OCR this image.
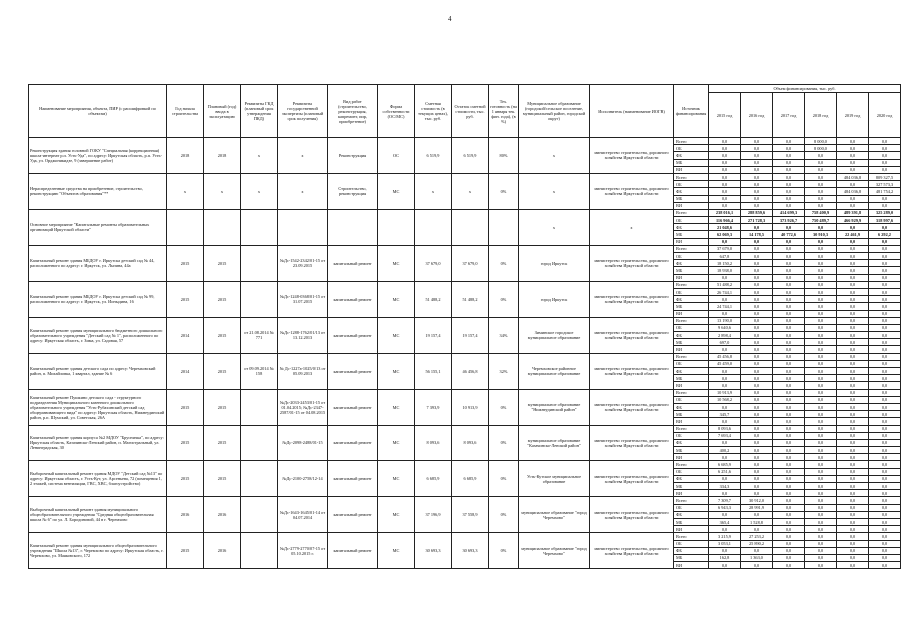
4
Наименование мероприятия, объекта, ПИР (с расшифровкой по объектам)	Год начала строительства	Плановый (год) ввода в эксплуатацию	Реквизиты ГКД (плановый срок утверждения ПКД)	Реквизиты государственной экспертизы (плановый срок получения)	Вид работ (строительство, реконструкция, капремонт, пир, приобретение)	Форма собственности (ОС/МС)	Сметная стоимость (в текущих ценах), тыс. руб.	Остаток сметной стоимости, тыс. руб.	Тех. готовность (на 1 января тек. фин. года), (в %)	Муниципальное образование (городской/сельское поселение, муниципальный район, городской округ)	Исполнитель (наименование ИОГВ)	Источник финансирования	Объем финансирования, тыс. руб.					
													2015 год	2016 год	2017 год	2018 год	2019 год	2020 год
Реконструкция здания головной ГОКУ "Специальная (коррекционная) школа-интернат р.п. Усть-Уда", по адресу: Иркутская область, р.п. Усть-Уда, ул. Орджоникидзе, 9 (завершение работ)	2018	2018	x	x	Реконструкция	ОС	6 519,9	6 519,9	80%	x	министерство строительства, дорожного хозяйства Иркутской области	Всего	0,0	0,0	0,0	8 000,0	0,0	0,0
												ОБ	0,0	0,0	0,0	8 000,0	0,0	0,0
												ФБ	0,0	0,0	0,0	0,0	0,0	0,0
												МБ	0,0	0,0	0,0	0,0	0,0	0,0
												ВИ	0,0	0,0	0,0	0,0	0,0	0,0
Нераспределенные средства на приобретение, строительство, реконструкцию "Объектов образования"**	x	x	x	x	Строительство, реконструкция	МС	x	x	0%	x	министерство строительства, дорожного хозяйства Иркутской области	Всего	0,0	0,0	0,0	0,0	484 036,8	809 327,5
												ОБ	0,0	0,0	0,0	0,0	0,0	327 573,3
												ФБ	0,0	0,0	0,0	0,0	484 036,8	481 754,2
												МБ	0,0	0,0	0,0	0,0	0,0	0,0
												ВИ	0,0	0,0	0,0	0,0	0,0	0,0
Основное мероприятие "Капитальные ремонты образовательных организаций Иркутской области"										x	x	Всего	238 016,1	288 859,6	414 699,3	758 400,9	489 391,8	325 289,0
												ОБ	116 966,4	271 728,3	373 926,7	750 489,7	466 929,9	318 997,6
												ФБ	21 048,6	0,0	0,0	0,0	0,0	0,0
												МБ	62 069,3	14 178,5	40 772,6	30 910,3	22 461,9	6 292,2
												ВИ	0,0	0,0	0,0	0,0	0,0	0,0
Капитальный ремонт здания МБДОУ г. Иркутска детский сад № 44, расположенного по адресу: г. Иркутск, ул. Лызина, 44а	2015	2015		№Дс-1542-2342/01-15 от 23.09.2015	капитальный ремонт	МС	37 679,0	37 679,0	0%	город Иркутск	министерство строительства, дорожного хозяйства Иркутской области	Всего	37 679,0	0,0	0,0	0,0	0,0	0,0
												ОБ	647,8	0,0	0,0	0,0	0,0	0,0
												ФБ	18 150,2	0,0	0,0	0,0	0,0	0,0
												МБ	18 938,0	0,0	0,0	0,0	0,0	0,0
												ВИ	0,0	0,0	0,0	0,0	0,0	0,0
Капитальный ремонт здания МБДОУ г. Иркутска детский сад № 99, расположенного по адресу: г. Иркутск, ул. Ионыдина, 16	2015	2015		№Дс-1248-0368/01-15 от 31.07.2015	капитальный ремонт	МС	51 488,2	51 488,2	0%	город Иркутск	министерство строительства, дорожного хозяйства Иркутской области	Всего	51 488,2	0,0	0,0	0,0	0,0	0,0
												ОБ	26 744,1	0,0	0,0	0,0	0,0	0,0
												ФБ	0,0	0,0	0,0	0,0	0,0	0,0
												МБ	24 744,1	0,0	0,0	0,0	0,0	0,0
												ВИ	0,0	0,0	0,0	0,0	0,0	0,0
Капитальный ремонт здания муниципального бюджетного дошкольного образовательного учреждения "Детский сад № 1", расположенного по адресу: Иркутская область, г. Зима, ул. Садовая, 57	2014	2015	от 21.08.2014 № 771	№Дс-1288-1762/01/13 от 13.12.2013	капитальный ремонт	МС	19 157,4	19 157,4	34%	Зиминское городское муниципальное образование	министерство строительства, дорожного хозяйства Иркутской области	Всего	13 190,0	0,0	0,0	0,0	0,0	0,0
												ОБ	9 640,6	0,0	0,0	0,0	0,0	0,0
												ФБ	2 898,4	0,0	0,0	0,0	0,0	0,0
												МБ	697,0	0,0	0,0	0,0	0,0	0,0
												ВИ	0,0	0,0	0,0	0,0	0,0	0,0
Капитальный ремонт здания детского сада по адресу: Черемховский район, п. Михайловка, 1 квартал, здание № 6	2014	2015	от 09.09.2014 № 158	№ Дс-1227а-1025/0/13 от 05.09.2013	капитальный ремонт	МС	56 155,1	46 456,8	32%	Черемховское районное муниципальное образование	министерство строительства, дорожного хозяйства Иркутской области	Всего	45 456,8	0,0	0,0	0,0	0,0	0,0
												ОБ	45 459,0	0,0	0,0	0,0	0,0	0,0
												ФБ	0,0	0,0	0,0	0,0	0,0	0,0
												МБ	0,0	0,0	0,0	0,0	0,0	0,0
												ВИ	0,0	0,0	0,0	0,0	0,0	0,0
Капитальный ремонт Пушкино детского сада - структурного подразделения Муниципального казенного дошкольного образовательного учреждения "Усть-Рубахинский детский сад общеразвивающего вида" по адресу: Иркутская область, Нижнеудинский район, р.п. Шумский, ул. Советская, 26А	2015	2015		№Дс-2033-2453/01-15 от 01.04.2015; №Дс-2347-2587/01-15 от 04.08.2015	капитальный ремонт	МС	7 393,9	10 913,9	0%	муниципальное образование "Нижнеудинский район"	министерство строительства, дорожного хозяйства Иркутской области	Всего	10 913,9	0,0	0,0	0,0	0,0	0,0
												ОБ	10 568,2	0,0	0,0	0,0	0,0	0,0
												ФБ	0,0	0,0	0,0	0,0	0,0	0,0
												МБ	345,7	0,0	0,0	0,0	0,0	0,0
												ВИ	0,0	0,0	0,0	0,0	0,0	0,0
Капитальный ремонт здания корпуса №2 МДОУ "Брусничка", по адресу: Иркутская область, Казачинско-Ленский район, п. Магистральный, ул. Ленинградская, 30	2015	2015		№Дс-2098-2488/01-15	капитальный ремонт	МС	8 093,6	8 093,6	0%	муниципальное образование "Казачинско-Ленский район"	министерство строительства, дорожного хозяйства Иркутской области	Всего	8 093,6	0,0	0,0	0,0	0,0	0,0
												ОБ	7 693,4	0,0	0,0	0,0	0,0	0,0
												ФБ	0,0	0,0	0,0	0,0	0,0	0,0
												МБ	400,2	0,0	0,0	0,0	0,0	0,0
												ВИ	0,0	0,0	0,0	0,0	0,0	0,0
Выборочный капитальный ремонт здания МДОУ "Детский сад №13" по адресу: Иркутская область, г. Усть-Кут, ул. Арсеньева, 72 (помещения 1, 2 этажей, система вентиляции, ГВС, ХВС, благоустройство)	2015	2015		№Дс-2100-2758/12-14	капитальный ремонт	МС	6 685,9	6 685,9	0%	Усть-Кутское муниципальное образование	министерство строительства, дорожного хозяйства Иркутской области	Всего	6 685,9	0,0	0,0	0,0	0,0	0,0
												ОБ	6 251,6	0,0	0,0	0,0	0,0	0,0
												ФБ	0,0	0,0	0,0	0,0	0,0	0,0
												МБ	334,3	0,0	0,0	0,0	0,0	0,0
												ВИ	0,0	0,0	0,0	0,0	0,0	0,0
Выборочный капитальный ремонт здания муниципального общеобразовательного учреждения "Средняя общеобразовательная школа № 6" по ул. Л. Бородиновой, 44 в г. Черемхово	2016	2016		№Дс-1643-1645/01-14 от 04.07.2014	капитальный ремонт	МС	37 196,9	37 558,9	0%	муниципальное образование "город Черемхово"	министерство строительства, дорожного хозяйства Иркутской области	Всего	7 309,7	30 912,0	0,0	0,0	0,0	0,0
												ОБ	6 943,3	28 991,9	0,0	0,0	0,0	0,0
												ФБ	0,0	0,0	0,0	0,0	0,0	0,0
												МБ	365,4	1 528,8	0,0	0,0	0,0	0,0
												ВИ	0,0	0,0	0,0	0,0	0,0	0,0
Капитальный ремонт здания муниципального общеобразовательного учреждения "Школа №13", г. Черемхово по адресу: Иркутская область, г. Черемхово, ул. Маяковского, 172	2015	2016		№Дс-2779-2770/07-15 от 05.10.2015 г.	капитальный ремонт	МС	30 693,3	30 693,3	0%	муниципальное образование "город Черемхово"	министерство строительства, дорожного хозяйства Иркутской области	Всего	3 215,9	27 253,2	0,0	0,0	0,0	0,0
												ОБ	3 053,1	25 890,2	0,0	0,0	0,0	0,0
												ФБ	0,0	0,0	0,0	0,0	0,0	0,0
												МБ	162,8	1 363,0	0,0	0,0	0,0	0,0
												ВИ	0,0	0,0	0,0	0,0	0,0	0,0
